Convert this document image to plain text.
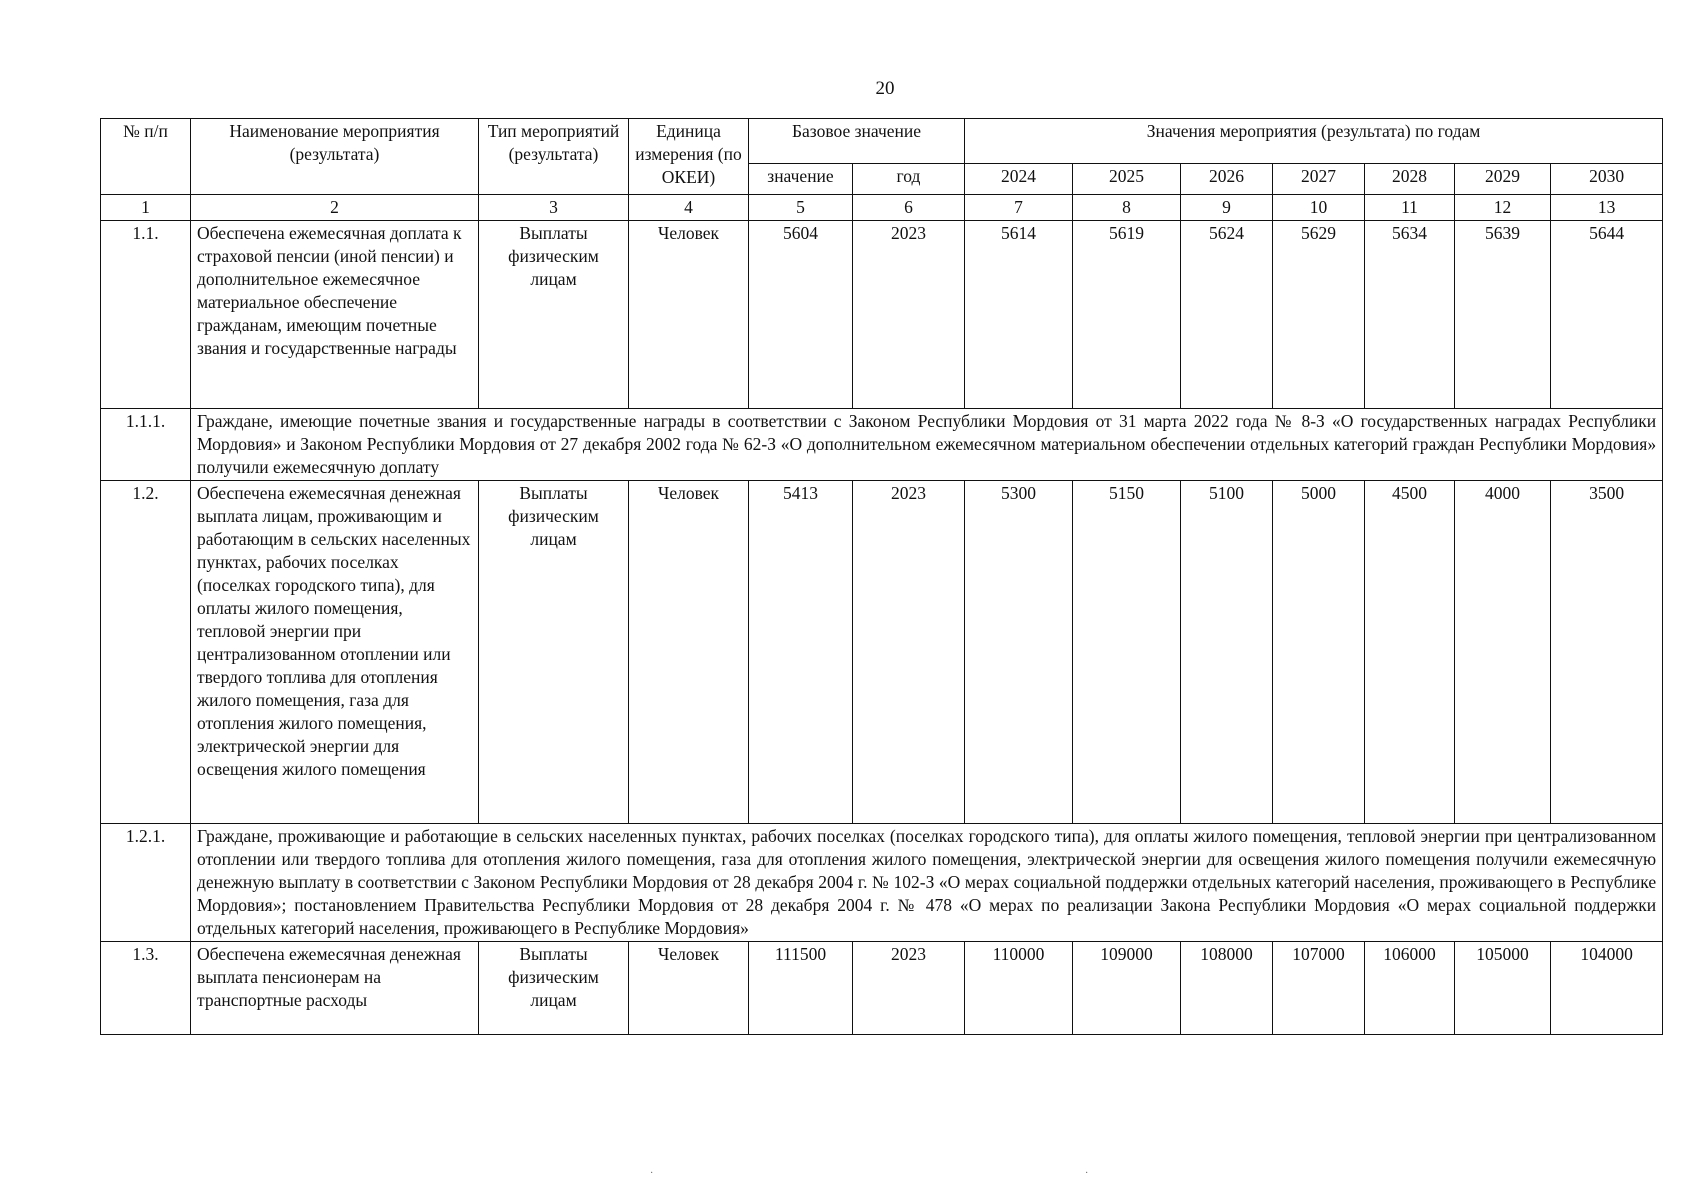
20
№ п/п	Наименование мероприятия (результата)	Тип мероприятий (результата)	Единица измерения (по ОКЕИ)	Базовое значение		Значения мероприятия (результата) по годам						
				значение	год	2024	2025	2026	2027	2028	2029	2030
1	2	3	4	5	6	7	8	9	10	11	12	13
1.1.	Обеспечена ежемесячная доплата к страховой пенсии (иной пенсии) и дополнительное ежемесячное материальное обеспечение гражданам, имеющим почетные звания и государственные награды	Выплаты физическим лицам	Человек	5604	2023	5614	5619	5624	5629	5634	5639	5644
1.1.1.	Граждане, имеющие почетные звания и государственные награды в соответствии с Законом Республики Мордовия от 31 марта 2022 года № 8-З «О государственных наградах Республики Мордовия» и Законом Республики Мордовия от 27 декабря 2002 года № 62-З «О дополнительном ежемесячном материальном обеспечении отдельных категорий граждан Республики Мордовия» получили ежемесячную доплату											
1.2.	Обеспечена ежемесячная денежная выплата лицам, проживающим и работающим в сельских населенных пунктах, рабочих поселках (поселках городского типа), для оплаты жилого помещения, тепловой энергии при централизованном отоплении или твердого топлива для отопления жилого помещения, газа для отопления жилого помещения, электрической энергии для освещения жилого помещения	Выплаты физическим лицам	Человек	5413	2023	5300	5150	5100	5000	4500	4000	3500
1.2.1.	Граждане, проживающие и работающие в сельских населенных пунктах, рабочих поселках (поселках городского типа), для оплаты жилого помещения, тепловой энергии при централизованном отоплении или твердого топлива для отопления жилого помещения, газа для отопления жилого помещения, электрической энергии для освещения жилого помещения получили ежемесячную денежную выплату в соответствии с Законом Республики Мордовия от 28 декабря 2004 г. № 102-З «О мерах социальной поддержки отдельных категорий населения, проживающего в Республике Мордовия»; постановлением Правительства Республики Мордовия от 28 декабря 2004 г. № 478 «О мерах по реализации Закона Республики Мордовия «О мерах социальной поддержки отдельных категорий населения, проживающего в Республике Мордовия»											
1.3.	Обеспечена ежемесячная денежная выплата пенсионерам на транспортные расходы	Выплаты физическим лицам	Человек	111500	2023	110000	109000	108000	107000	106000	105000	104000
·	·
